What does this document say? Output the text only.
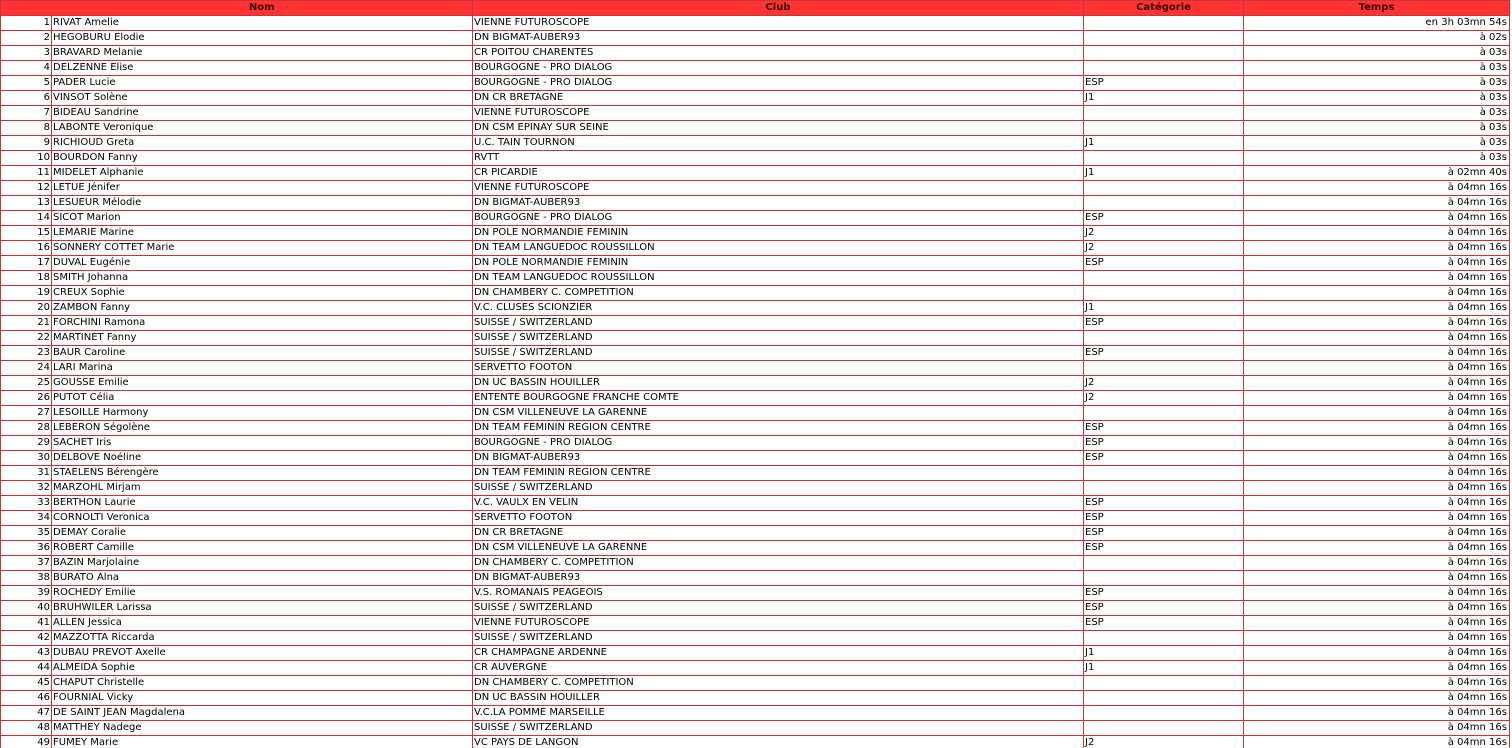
	Nom	Club	Catégorie	Temps
1	RIVAT Amelie	VIENNE FUTUROSCOPE		en 3h 03mn 54s
2	HEGOBURU Elodie	DN BIGMAT-AUBER93		à 02s
3	BRAVARD Melanie	CR POITOU CHARENTES		à 03s
4	DELZENNE Elise	BOURGOGNE - PRO DIALOG		à 03s
5	PADER Lucie	BOURGOGNE - PRO DIALOG	ESP	à 03s
6	VINSOT Solène	DN CR BRETAGNE	J1	à 03s
7	BIDEAU Sandrine	VIENNE FUTUROSCOPE		à 03s
8	LABONTE Veronique	DN CSM EPINAY SUR SEINE		à 03s
9	RICHIOUD Greta	U.C. TAIN TOURNON	J1	à 03s
10	BOURDON Fanny	RVTT		à 03s
11	MIDELET Alphanie	CR PICARDIE	J1	à 02mn 40s
12	LETUE Jénifer	VIENNE FUTUROSCOPE		à 04mn 16s
13	LESUEUR Mélodie	DN BIGMAT-AUBER93		à 04mn 16s
14	SICOT Marion	BOURGOGNE - PRO DIALOG	ESP	à 04mn 16s
15	LEMARIE Marine	DN POLE NORMANDIE FEMININ	J2	à 04mn 16s
16	SONNERY COTTET Marie	DN TEAM LANGUEDOC ROUSSILLON	J2	à 04mn 16s
17	DUVAL Eugénie	DN POLE NORMANDIE FEMININ	ESP	à 04mn 16s
18	SMITH Johanna	DN TEAM LANGUEDOC ROUSSILLON		à 04mn 16s
19	CREUX Sophie	DN CHAMBERY C. COMPETITION		à 04mn 16s
20	ZAMBON Fanny	V.C. CLUSES SCIONZIER	J1	à 04mn 16s
21	FORCHINI Ramona	SUISSE / SWITZERLAND	ESP	à 04mn 16s
22	MARTINET Fanny	SUISSE / SWITZERLAND		à 04mn 16s
23	BAUR Caroline	SUISSE / SWITZERLAND	ESP	à 04mn 16s
24	LARI Marina	SERVETTO FOOTON		à 04mn 16s
25	GOUSSE Emilie	DN UC BASSIN HOUILLER	J2	à 04mn 16s
26	PUTOT Célia	ENTENTE BOURGOGNE FRANCHE COMTE	J2	à 04mn 16s
27	LESOILLE Harmony	DN CSM VILLENEUVE LA GARENNE		à 04mn 16s
28	LEBERON Ségolène	DN TEAM FEMININ REGION CENTRE	ESP	à 04mn 16s
29	SACHET Iris	BOURGOGNE - PRO DIALOG	ESP	à 04mn 16s
30	DELBOVE Noéline	DN BIGMAT-AUBER93	ESP	à 04mn 16s
31	STAELENS Bérengère	DN TEAM FEMININ REGION CENTRE		à 04mn 16s
32	MARZOHL Mirjam	SUISSE / SWITZERLAND		à 04mn 16s
33	BERTHON Laurie	V.C. VAULX EN VELIN	ESP	à 04mn 16s
34	CORNOLTI Veronica	SERVETTO FOOTON	ESP	à 04mn 16s
35	DEMAY Coralie	DN CR BRETAGNE	ESP	à 04mn 16s
36	ROBERT Camille	DN CSM VILLENEUVE LA GARENNE	ESP	à 04mn 16s
37	BAZIN Marjolaine	DN CHAMBERY C. COMPETITION		à 04mn 16s
38	BURATO Alna	DN BIGMAT-AUBER93		à 04mn 16s
39	ROCHEDY Emilie	V.S. ROMANAIS PEAGEOIS	ESP	à 04mn 16s
40	BRUHWILER Larissa	SUISSE / SWITZERLAND	ESP	à 04mn 16s
41	ALLEN Jessica	VIENNE FUTUROSCOPE	ESP	à 04mn 16s
42	MAZZOTTA Riccarda	SUISSE / SWITZERLAND		à 04mn 16s
43	DUBAU PREVOT Axelle	CR CHAMPAGNE ARDENNE	J1	à 04mn 16s
44	ALMEIDA Sophie	CR AUVERGNE	J1	à 04mn 16s
45	CHAPUT Christelle	DN CHAMBERY C. COMPETITION		à 04mn 16s
46	FOURNIAL Vicky	DN UC BASSIN HOUILLER		à 04mn 16s
47	DE SAINT JEAN Magdalena	V.C.LA POMME MARSEILLE		à 04mn 16s
48	MATTHEY Nadege	SUISSE / SWITZERLAND		à 04mn 16s
49	FUMEY Marie	VC PAYS DE LANGON	J2	à 04mn 16s
